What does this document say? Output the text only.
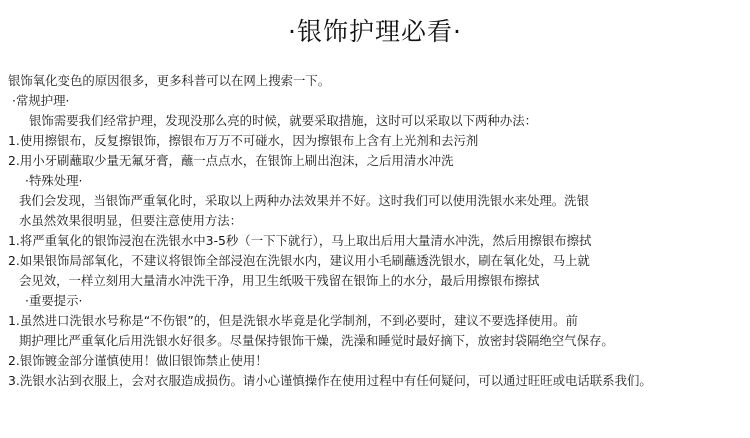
·银饰护理必看·
银饰氧化变色的原因很多，更多科普可以在网上搜索一下。
·常规护理·
银饰需要我们经常护理，发现没那么亮的时候，就要采取措施，这时可以采取以下两种办法：
1.使用擦银布，反复擦银饰，擦银布万万不可碰水，因为擦银布上含有上光剂和去污剂
2.用小牙刷蘸取少量无氟牙膏，蘸一点点水，在银饰上刷出泡沫，之后用清水冲洗
·特殊处理·
我们会发现，当银饰严重氧化时，采取以上两种办法效果并不好。这时我们可以使用洗银水来处理。洗银
水虽然效果很明显，但要注意使用方法：
1.将严重氧化的银饰浸泡在洗银水中3-5秒（一下下就行），马上取出后用大量清水冲洗，然后用擦银布擦拭
2.如果银饰局部氧化，不建议将银饰全部浸泡在洗银水内，建议用小毛刷蘸透洗银水，刷在氧化处，马上就
会见效，一样立刻用大量清水冲洗干净，用卫生纸吸干残留在银饰上的水分，最后用擦银布擦拭
·重要提示·
1.虽然进口洗银水号称是“不伤银”的，但是洗银水毕竟是化学制剂，不到必要时，建议不要选择使用。前
期护理比严重氧化后用洗银水好很多。尽量保持银饰干燥，洗澡和睡觉时最好摘下，放密封袋隔绝空气保存。
2.银饰镀金部分谨慎使用！做旧银饰禁止使用！
3.洗银水沾到衣服上，会对衣服造成损伤。请小心谨慎操作在使用过程中有任何疑问，可以通过旺旺或电话联系我们。
